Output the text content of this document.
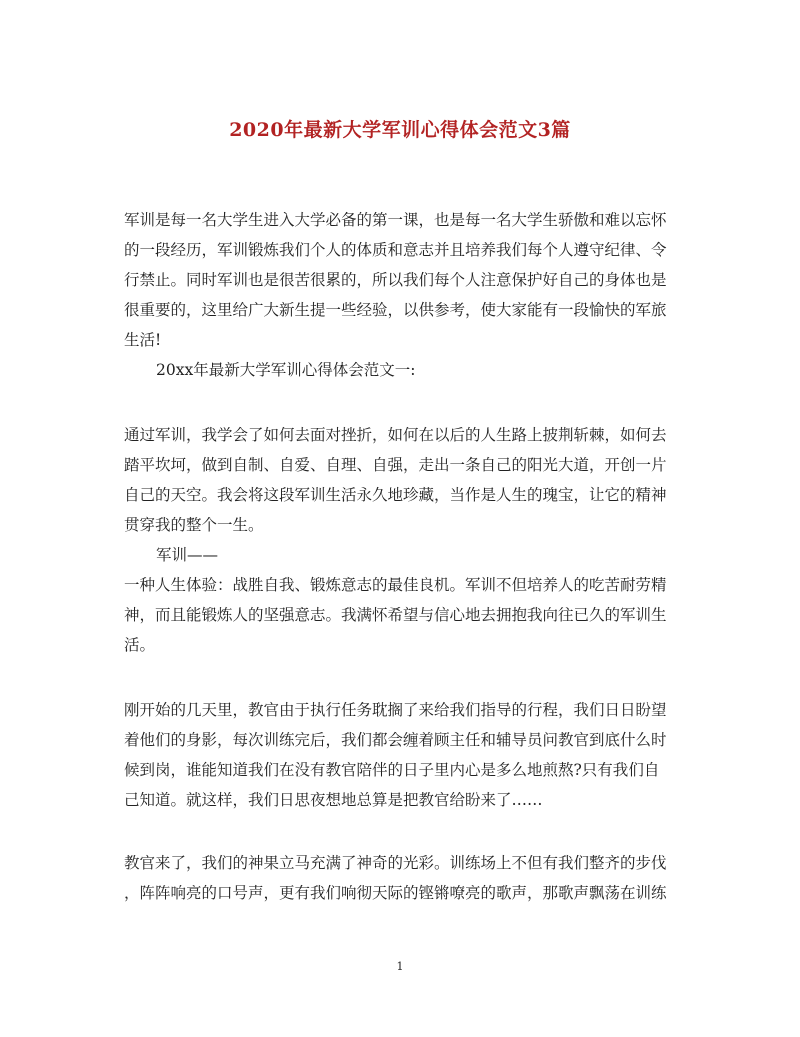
2020年最新大学军训心得体会范文3篇
军训是每一名大学生进入大学必备的第一课，也是每一名大学生骄傲和难以忘怀
的一段经历，军训锻炼我们个人的体质和意志并且培养我们每个人遵守纪律、令
行禁止。同时军训也是很苦很累的，所以我们每个人注意保护好自己的身体也是
很重要的，这里给广大新生提一些经验，以供参考，使大家能有一段愉快的军旅
生活!
20xx年最新大学军训心得体会范文一:
通过军训，我学会了如何去面对挫折，如何在以后的人生路上披荆斩棘，如何去
踏平坎坷，做到自制、自爱、自理、自强，走出一条自己的阳光大道，开创一片
自己的天空。我会将这段军训生活永久地珍藏，当作是人生的瑰宝，让它的精神
贯穿我的整个一生。
军训——
一种人生体验：战胜自我、锻炼意志的最佳良机。军训不但培养人的吃苦耐劳精
神，而且能锻炼人的坚强意志。我满怀希望与信心地去拥抱我向往已久的军训生
活。
刚开始的几天里，教官由于执行任务耽搁了来给我们指导的行程，我们日日盼望
着他们的身影，每次训练完后，我们都会缠着顾主任和辅导员问教官到底什么时
候到岗，谁能知道我们在没有教官陪伴的日子里内心是多么地煎熬?只有我们自
己知道。就这样，我们日思夜想地总算是把教官给盼来了……
教官来了，我们的神果立马充满了神奇的光彩。训练场上不但有我们整齐的步伐
，阵阵响亮的口号声，更有我们响彻天际的铿锵嘹亮的歌声，那歌声飘荡在训练
1
